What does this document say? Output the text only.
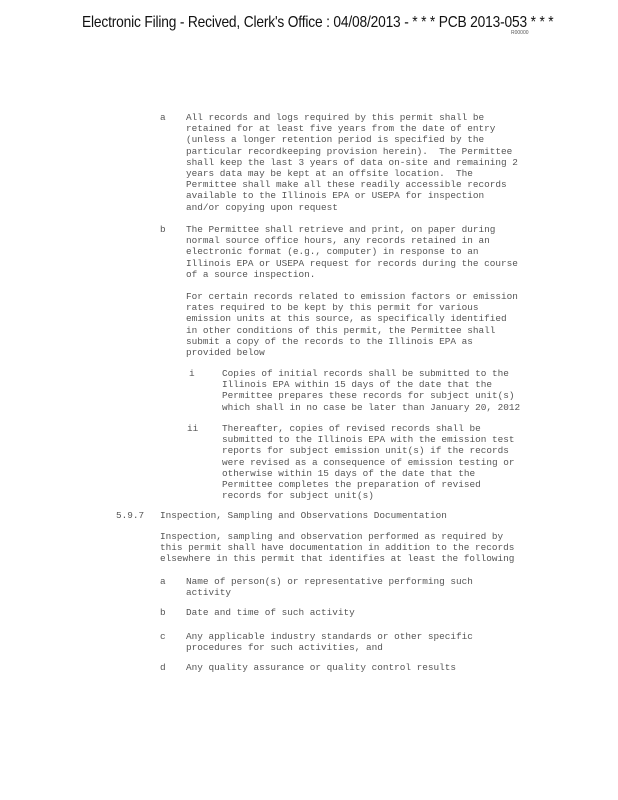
Electronic Filing - Recived, Clerk's Office : 04/08/2013 - * * * PCB 2013-053 * * *
R00000
a All records and logs required by this permit shall be
retained for at least five years from the date of entry
(unless a longer retention period is specified by the
particular recordkeeping provision herein).  The Permittee
shall keep the last 3 years of data on-site and remaining 2
years data may be kept at an offsite location.  The
Permittee shall make all these readily accessible records
available to the Illinois EPA or USEPA for inspection
and/or copying upon request
b The Permittee shall retrieve and print, on paper during
normal source office hours, any records retained in an
electronic format (e.g., computer) in response to an
Illinois EPA or USEPA request for records during the course
of a source inspection.
For certain records related to emission factors or emission
rates required to be kept by this permit for various
emission units at this source, as specifically identified
in other conditions of this permit, the Permittee shall
submit a copy of the records to the Illinois EPA as
provided below
i	Copies of initial records shall be submitted to the
Illinois EPA within 15 days of the date that the
Permittee prepares these records for subject unit(s)
which shall in no case be later than January 20, 2012
ii	Thereafter, copies of revised records shall be
submitted to the Illinois EPA with the emission test
reports for subject emission unit(s) if the records
were revised as a consequence of emission testing or
otherwise within 15 days of the date that the
Permittee completes the preparation of revised
records for subject unit(s)
5.9.7 Inspection, Sampling and Observations Documentation
Inspection, sampling and observation performed as required by
this permit shall have documentation in addition to the records
elsewhere in this permit that identifies at least the following
a Name of person(s) or representative performing such
activity
b Date and time of such activity
c Any applicable industry standards or other specific
procedures for such activities, and
d Any quality assurance or quality control results
